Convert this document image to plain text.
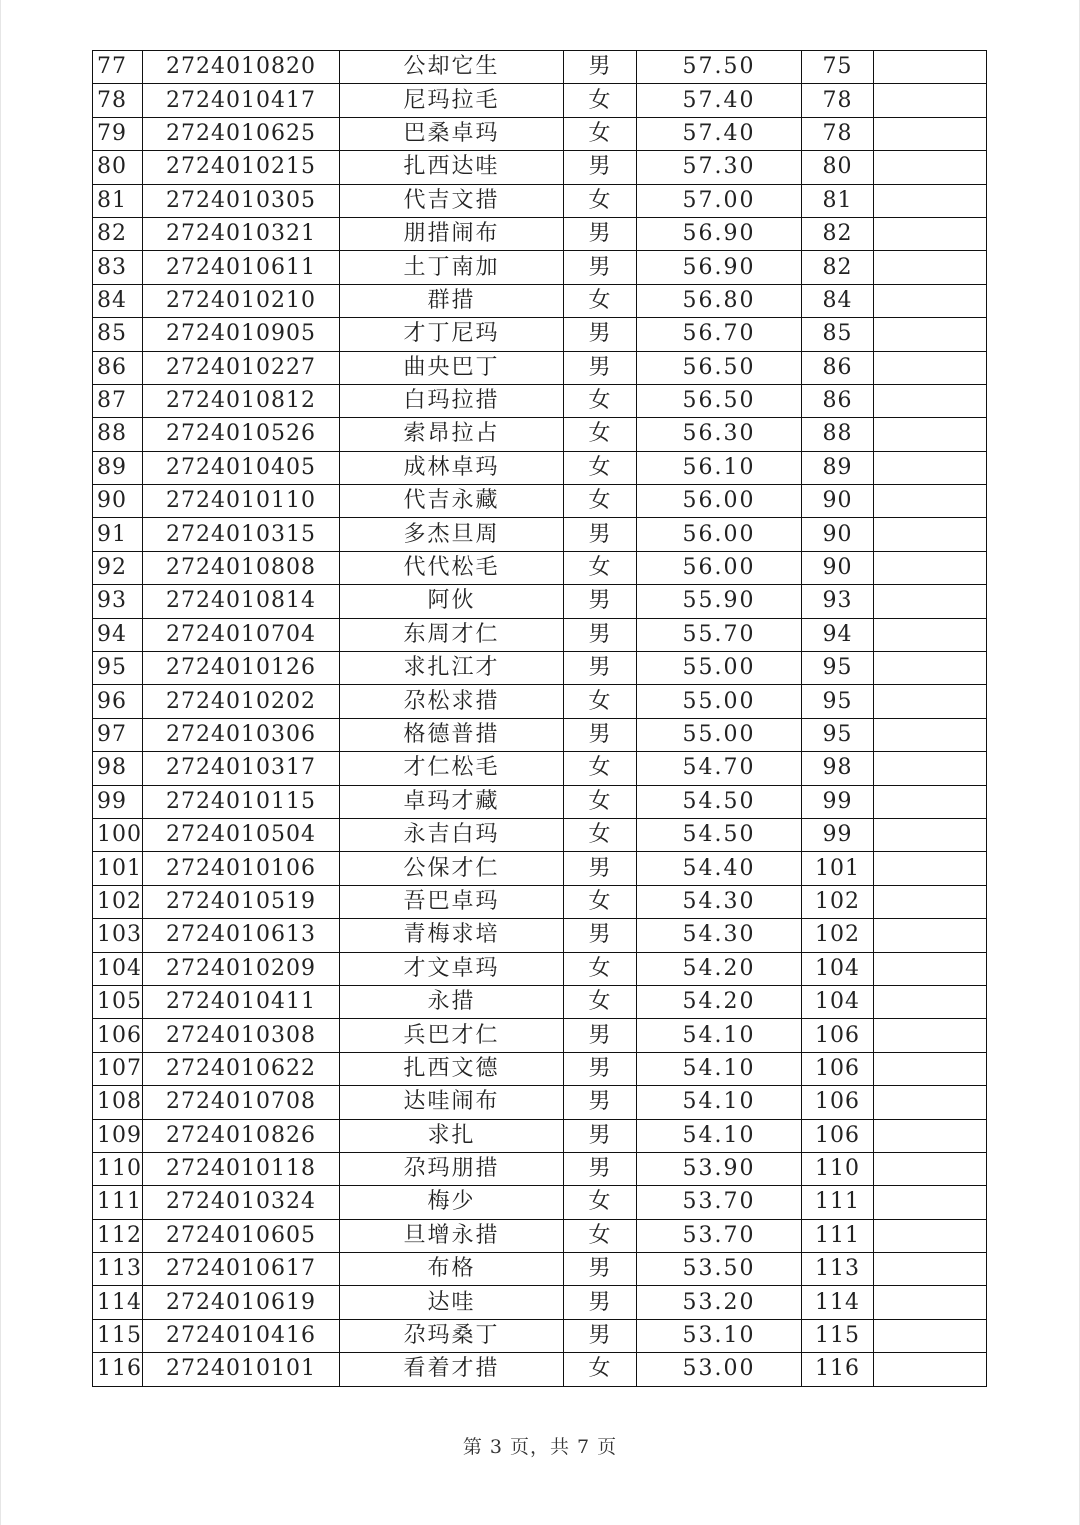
77	2724010820	公却它生	男	57.50	75	
78	2724010417	尼玛拉毛	女	57.40	78	
79	2724010625	巴桑卓玛	女	57.40	78	
80	2724010215	扎西达哇	男	57.30	80	
81	2724010305	代吉文措	女	57.00	81	
82	2724010321	朋措闹布	男	56.90	82	
83	2724010611	土丁南加	男	56.90	82	
84	2724010210	群措	女	56.80	84	
85	2724010905	才丁尼玛	男	56.70	85	
86	2724010227	曲央巴丁	男	56.50	86	
87	2724010812	白玛拉措	女	56.50	86	
88	2724010526	索昂拉占	女	56.30	88	
89	2724010405	成林卓玛	女	56.10	89	
90	2724010110	代吉永藏	女	56.00	90	
91	2724010315	多杰旦周	男	56.00	90	
92	2724010808	代代松毛	女	56.00	90	
93	2724010814	阿伙	男	55.90	93	
94	2724010704	东周才仁	男	55.70	94	
95	2724010126	求扎江才	男	55.00	95	
96	2724010202	尕松求措	女	55.00	95	
97	2724010306	格德普措	男	55.00	95	
98	2724010317	才仁松毛	女	54.70	98	
99	2724010115	卓玛才藏	女	54.50	99	
100	2724010504	永吉白玛	女	54.50	99	
101	2724010106	公保才仁	男	54.40	101	
102	2724010519	吾巴卓玛	女	54.30	102	
103	2724010613	青梅求培	男	54.30	102	
104	2724010209	才文卓玛	女	54.20	104	
105	2724010411	永措	女	54.20	104	
106	2724010308	兵巴才仁	男	54.10	106	
107	2724010622	扎西文德	男	54.10	106	
108	2724010708	达哇闹布	男	54.10	106	
109	2724010826	求扎	男	54.10	106	
110	2724010118	尕玛朋措	男	53.90	110	
111	2724010324	梅少	女	53.70	111	
112	2724010605	旦增永措	女	53.70	111	
113	2724010617	布格	男	53.50	113	
114	2724010619	达哇	男	53.20	114	
115	2724010416	尕玛桑丁	男	53.10	115	
116	2724010101	看着才措	女	53.00	116	
第 3 页，共 7 页
